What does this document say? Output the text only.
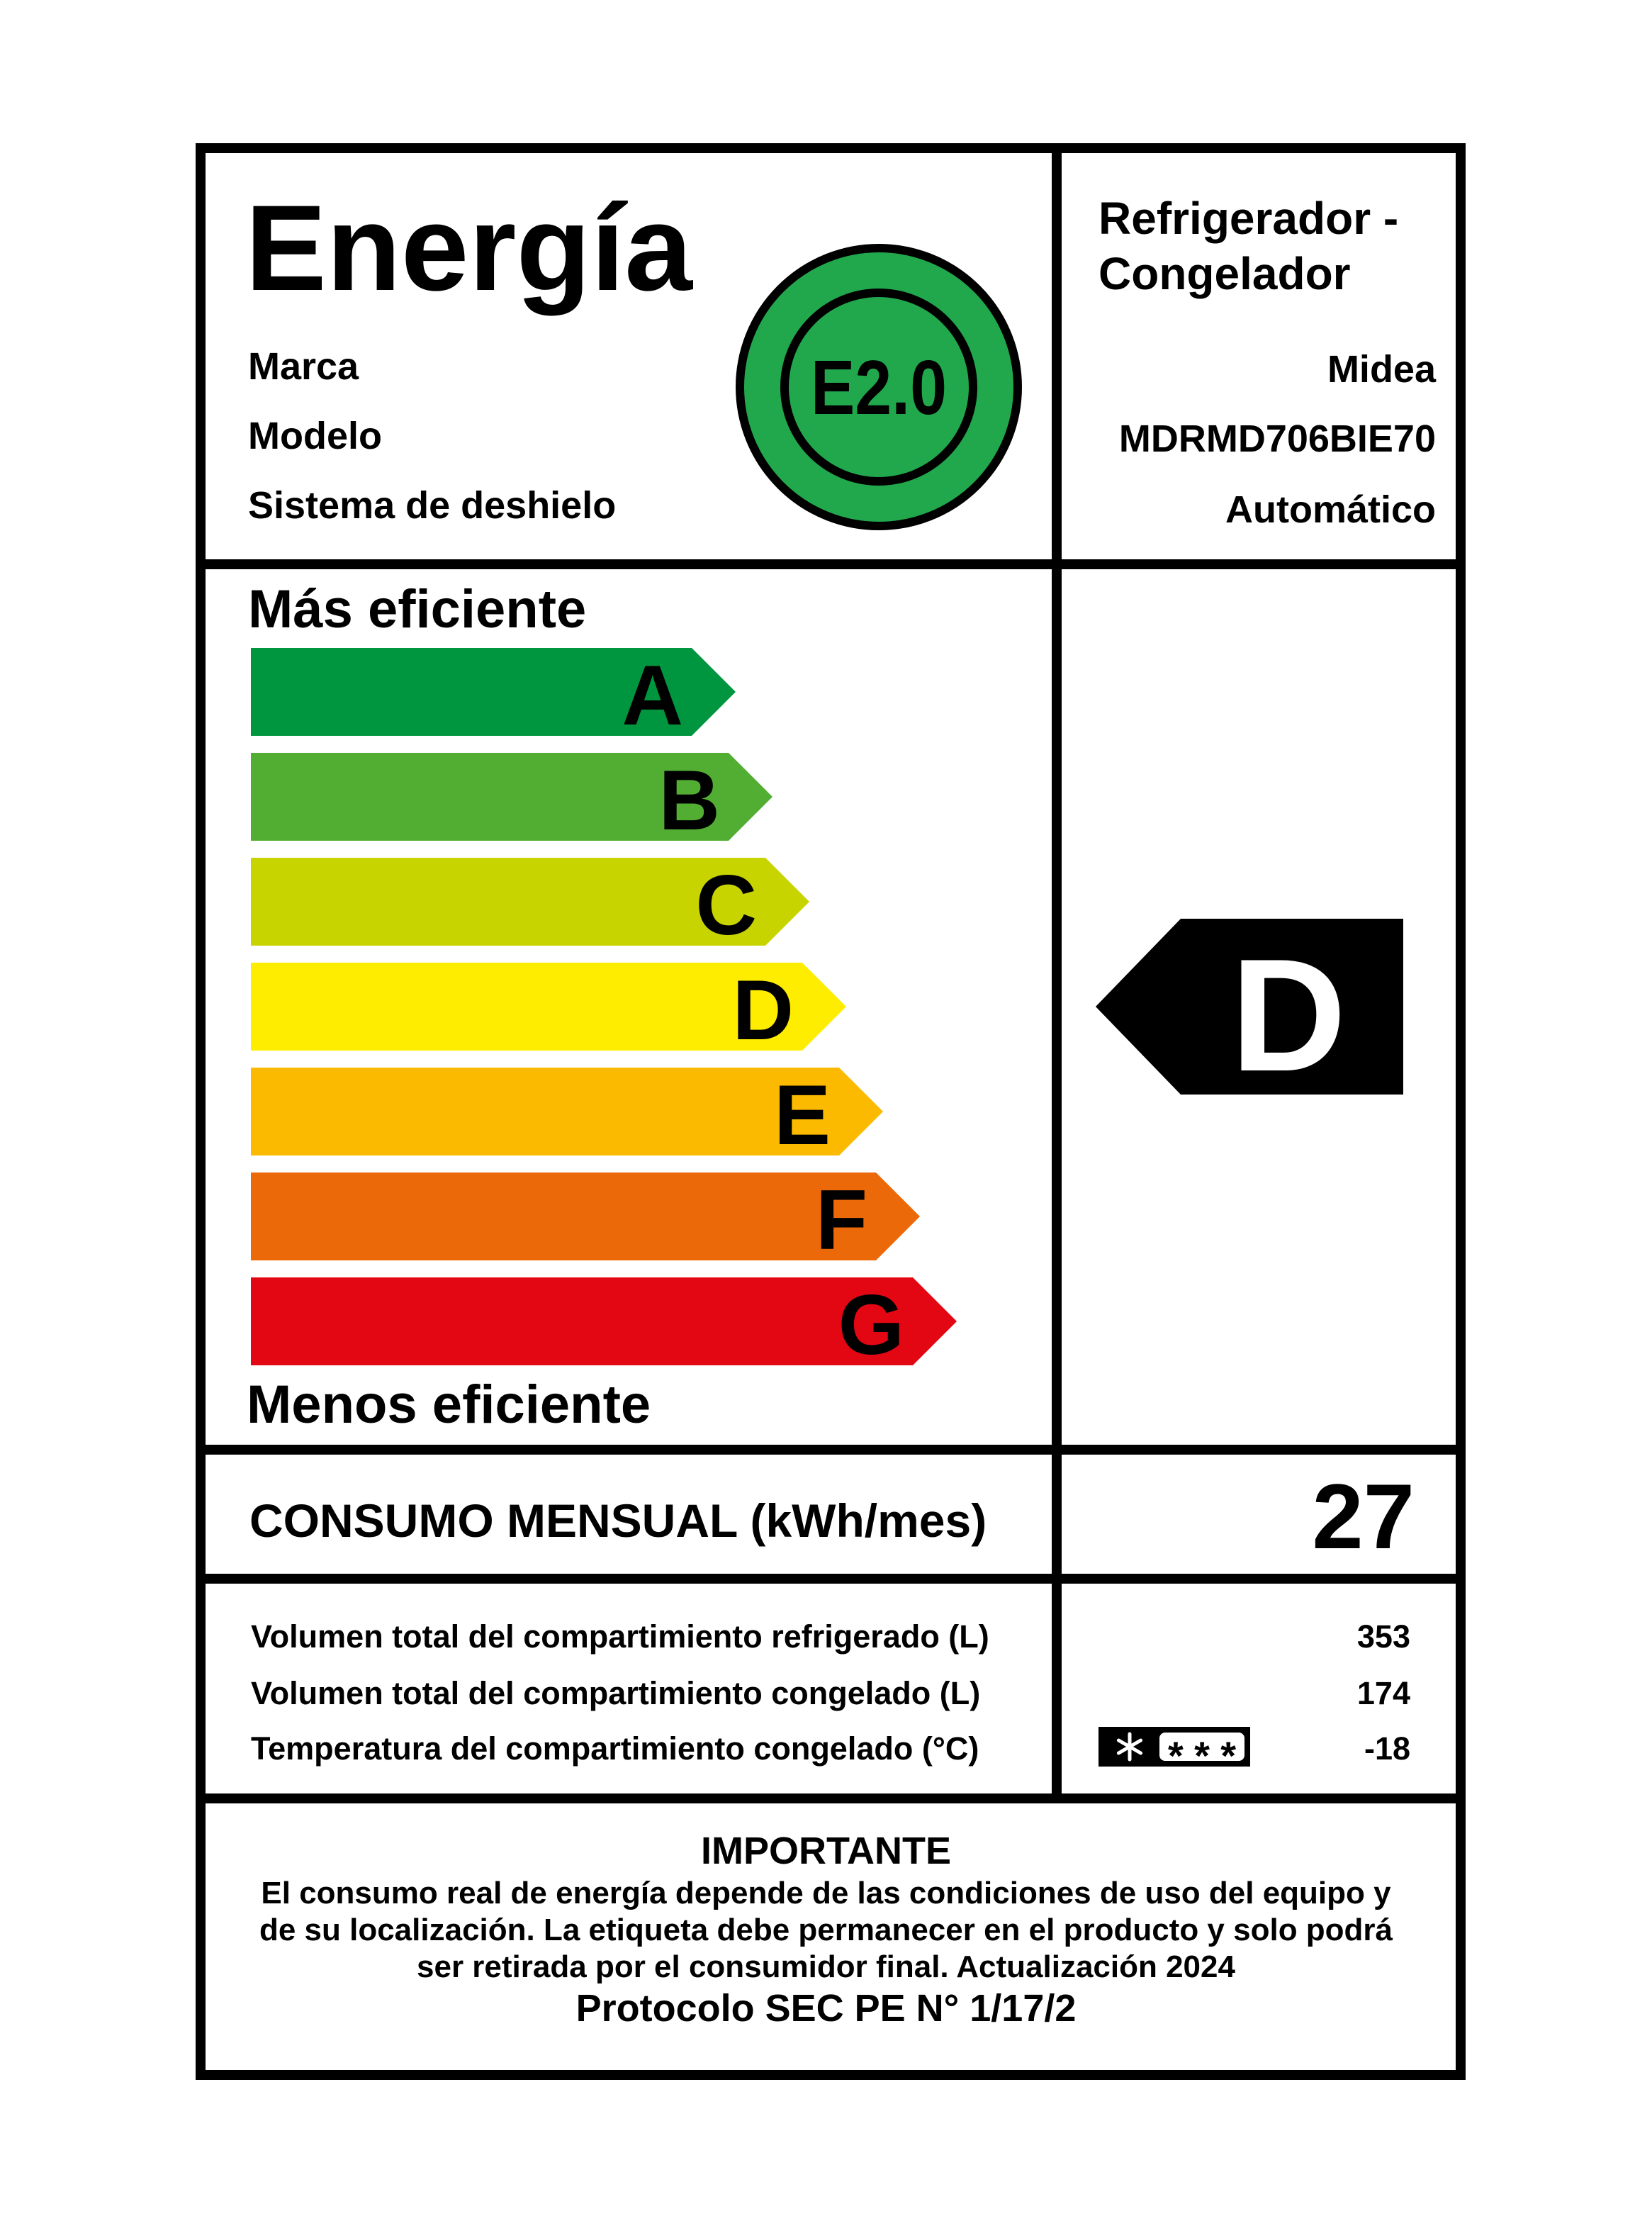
Energía
Marca
Modelo
Sistema de deshielo
E2.0
Refrigerador -
Congelador
Midea
MDRMD706BIE70
Automático
Más eficiente
A
B
C
D
E
F
G
Menos eficiente
D
CONSUMO MENSUAL (kWh/mes)	27
Volumen total del compartimiento refrigerado (L)
Volumen total del compartimiento congelado (L)
Temperatura del compartimiento congelado (°C)
353
174
-18
***
IMPORTANTE
El consumo real de energía depende de las condiciones de uso del equipo y
de su localización. La etiqueta debe permanecer en el producto y solo podrá
ser retirada por el consumidor final. Actualización 2024
Protocolo SEC PE N° 1/17/2
